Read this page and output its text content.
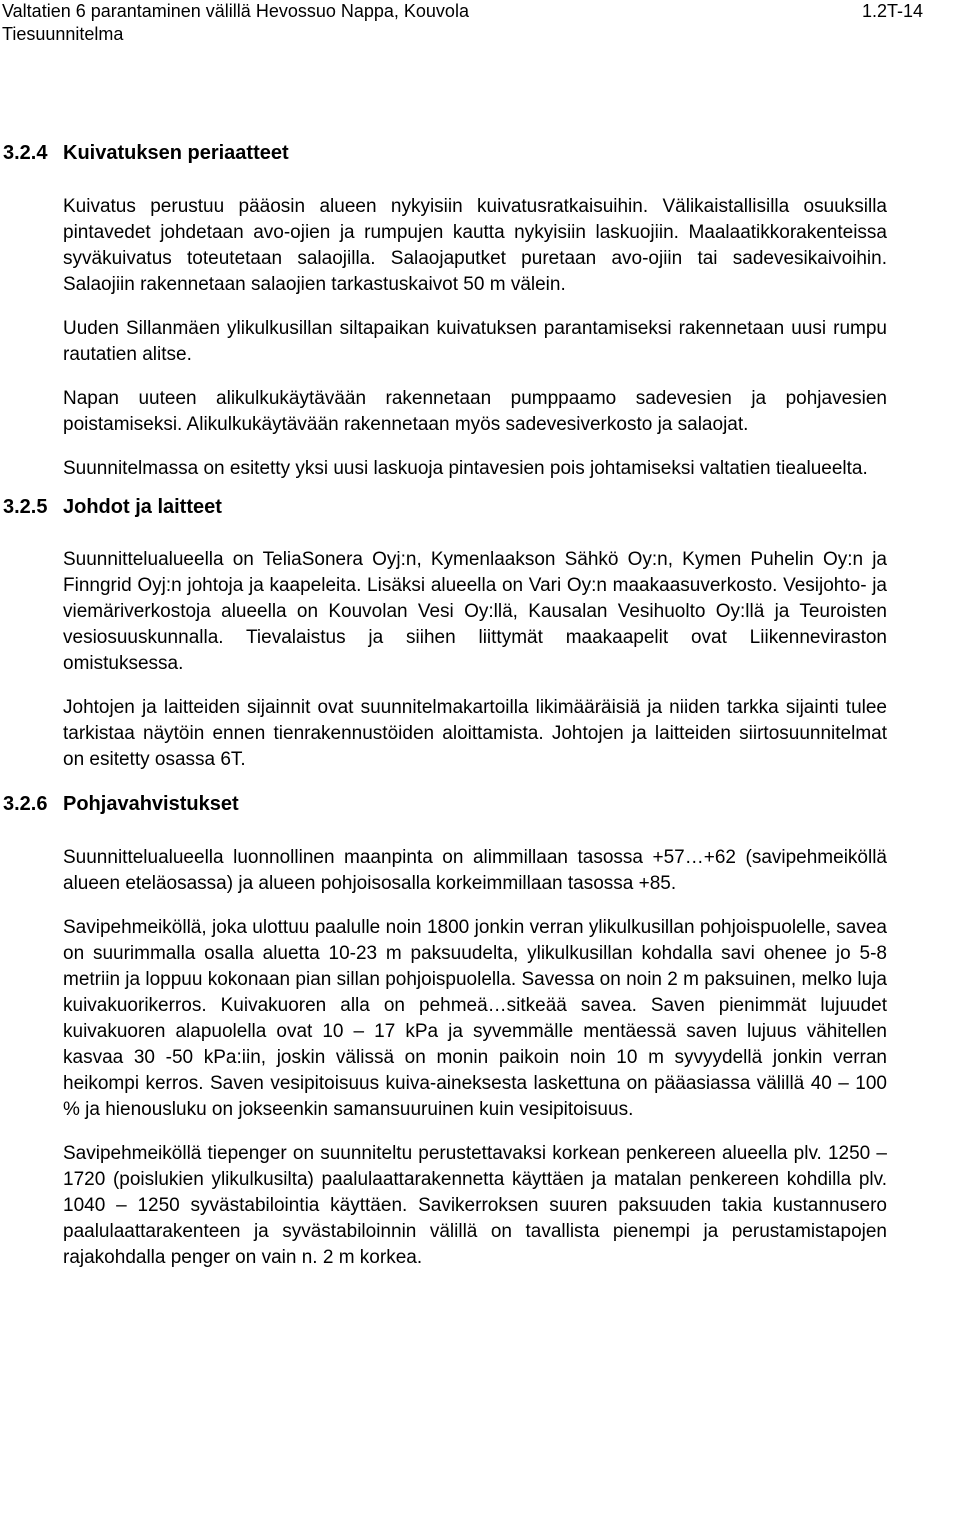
Valtatien 6 parantaminen välillä Hevossuo Nappa, Kouvola	1.2T-14
Tiesuunnitelma
3.2.4 Kuivatuksen periaatteet

Kuivatus perustuu pääosin alueen nykyisiin kuivatusratkaisuihin. Välikaistallisilla osuuksilla pintavedet johdetaan avo-ojien ja rumpujen kautta nykyisiin laskuojiin. Maalaatikkorakenteissa syväkuivatus toteutetaan salaojilla. Salaojaputket puretaan avo-ojiin tai sadevesikaivoihin. Salaojiin rakennetaan salaojien tarkastuskaivot 50 m välein.

Uuden Sillanmäen ylikulkusillan siltapaikan kuivatuksen parantamiseksi rakennetaan uusi rumpu rautatien alitse.

Napan uuteen alikulkukäytävään rakennetaan pumppaamo sadevesien ja pohjavesien poistamiseksi. Alikulkukäytävään rakennetaan myös sadevesiverkosto ja salaojat.

Suunnitelmassa on esitetty yksi uusi laskuoja pintavesien pois johtamiseksi valtatien tiealueelta.

3.2.5 Johdot ja laitteet

Suunnittelualueella on TeliaSonera Oyj:n, Kymenlaakson Sähkö Oy:n, Kymen Puhelin Oy:n ja Finngrid Oyj:n johtoja ja kaapeleita. Lisäksi alueella on Vari Oy:n maakaasuverkosto. Vesijohto- ja viemäriverkostoja alueella on Kouvolan Vesi Oy:llä, Kausalan Vesihuolto Oy:llä ja Teuroisten vesiosuuskunnalla. Tievalaistus ja siihen liittymät maakaapelit ovat Liikenneviraston omistuksessa.

Johtojen ja laitteiden sijainnit ovat suunnitelmakartoilla likimääräisiä ja niiden tarkka sijainti tulee tarkistaa näytöin ennen tienrakennustöiden aloittamista. Johtojen ja laitteiden siirtosuunnitelmat on esitetty osassa 6T.

3.2.6 Pohjavahvistukset

Suunnittelualueella luonnollinen maanpinta on alimmillaan tasossa +57…+62 (savipehmeiköllä alueen eteläosassa) ja alueen pohjoisosalla korkeimmillaan tasossa +85.

Savipehmeiköllä, joka ulottuu paalulle noin 1800 jonkin verran ylikulkusillan pohjoispuolelle, savea on suurimmalla osalla aluetta 10-23 m paksuudelta, ylikulkusillan kohdalla savi ohenee jo 5-8 metriin ja loppuu kokonaan pian sillan pohjoispuolella. Savessa on noin 2 m paksuinen, melko luja kuivakuorikerros. Kuivakuoren alla on pehmeä…sitkeää savea. Saven pienimmät lujuudet kuivakuoren alapuolella ovat 10 – 17 kPa ja syvemmälle mentäessä saven lujuus vähitellen kasvaa 30 -50 kPa:iin, joskin välissä on monin paikoin noin 10 m syvyydellä jonkin verran heikompi kerros. Saven vesipitoisuus kuiva-aineksesta laskettuna on pääasiassa välillä 40 – 100 % ja hienousluku on jokseenkin samansuuruinen kuin vesipitoisuus.

Savipehmeiköllä tiepenger on suunniteltu perustettavaksi korkean penkereen alueella plv. 1250 – 1720 (poislukien ylikulkusilta) paalulaattarakennetta käyttäen ja matalan penkereen kohdilla plv. 1040 – 1250 syvästabilointia käyttäen. Savikerroksen suuren paksuuden takia kustannusero paalulaattarakenteen ja syvästabiloinnin välillä on tavallista pienempi ja perustamistapojen rajakohdalla penger on vain n. 2 m korkea.
